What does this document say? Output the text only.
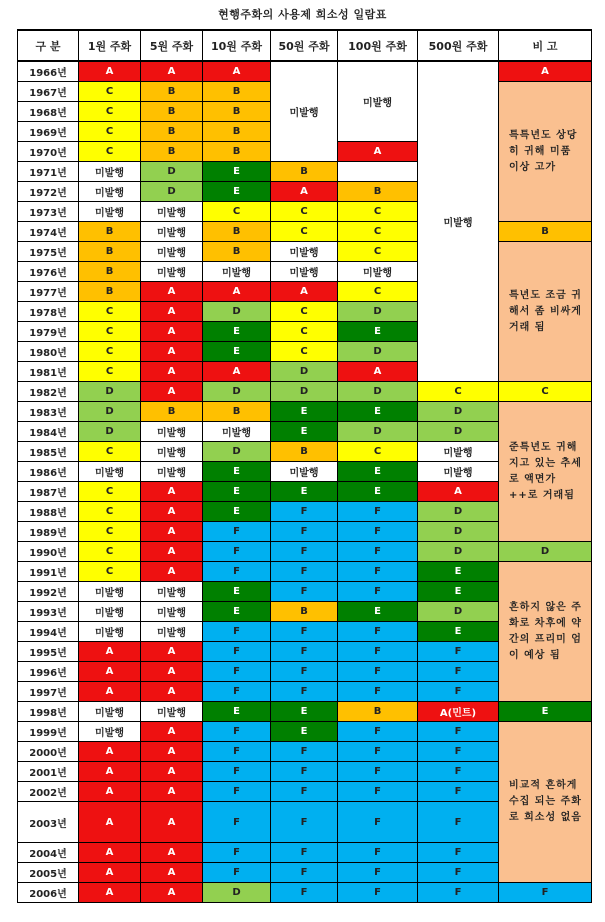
현행주화의 사용제 희소성 일람표
구 분	1원 주화	5원 주화	10원 주화	50원 주화	100원 주화	500원 주화	비 고
1966년	A	A	A	미발행	미발행	미발행	A
1967년	C	B	B				특특년도 상당히 귀해 미품 이상 고가
1968년	C	B	B				
1969년	C	B	B				
1970년	C	B	B		A		
1971년	미발행	D	E	B			
1972년	미발행	D	E	A	B		
1973년	미발행	미발행	C	C	C		
1974년	B	미발행	B	C	C		B
1975년	B	미발행	B	미발행	C		특년도 조금 귀해서 좀 비싸게 거래 됨
1976년	B	미발행	미발행	미발행	미발행		
1977년	B	A	A	A	C		
1978년	C	A	D	C	D		
1979년	C	A	E	C	E		
1980년	C	A	E	C	D		
1981년	C	A	A	D	A		
1982년	D	A	D	D	D	C	C
1983년	D	B	B	E	E	D	준특년도 귀해지고 있는 추세로 액면가 ++로 거래됨
1984년	D	미발행	미발행	E	D	D	
1985년	C	미발행	D	B	C	미발행	
1986년	미발행	미발행	E	미발행	E	미발행	
1987년	C	A	E	E	E	A	
1988년	C	A	E	F	F	D	
1989년	C	A	F	F	F	D	
1990년	C	A	F	F	F	D	D
1991년	C	A	F	F	F	E	흔하지 않은 주화로 차후에 약간의 프리미 엄이 예상 됨
1992년	미발행	미발행	E	F	F	E	
1993년	미발행	미발행	E	B	E	D	
1994년	미발행	미발행	F	F	F	E	
1995년	A	A	F	F	F	F	
1996년	A	A	F	F	F	F	
1997년	A	A	F	F	F	F	
1998년	미발행	미발행	E	E	B	A(민트)	E
1999년	미발행	A	F	E	F	F	비교적 흔하게 수집 되는 주화로 희소성 없음
2000년	A	A	F	F	F	F	
2001년	A	A	F	F	F	F	
2002년	A	A	F	F	F	F	
2003년	A	A	F	F	F	F	
2004년	A	A	F	F	F	F	
2005년	A	A	F	F	F	F	
2006년	A	A	D	F	F	F	F
